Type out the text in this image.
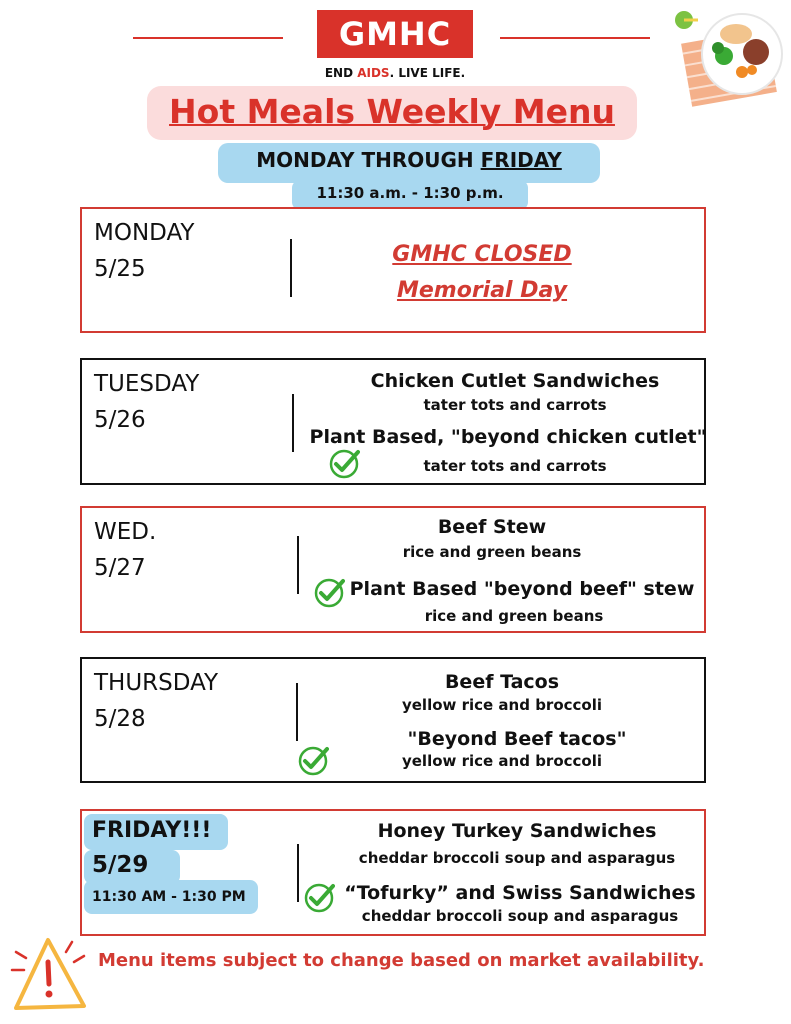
GMHC
END AIDS. LIVE LIFE.
Hot Meals Weekly Menu
MONDAY THROUGH FRIDAY
11:30 a.m. - 1:30 p.m.
MONDAY
5/25
GMHC CLOSED
Memorial Day
TUESDAY
5/26
Chicken Cutlet Sandwiches
tater tots and carrots
Plant Based, "beyond chicken cutlet"
tater tots and carrots
WED.
5/27
Beef Stew
rice and green beans
Plant Based "beyond beef" stew
rice and green beans
THURSDAY
5/28
Beef Tacos
yellow rice and broccoli
"Beyond Beef tacos"
yellow rice and broccoli
FRIDAY!!!
5/29
11:30 AM - 1:30 PM
Honey Turkey Sandwiches
cheddar broccoli soup and asparagus
“Tofurky” and Swiss Sandwiches
cheddar broccoli soup and asparagus
Menu items subject to change based on market availability.
